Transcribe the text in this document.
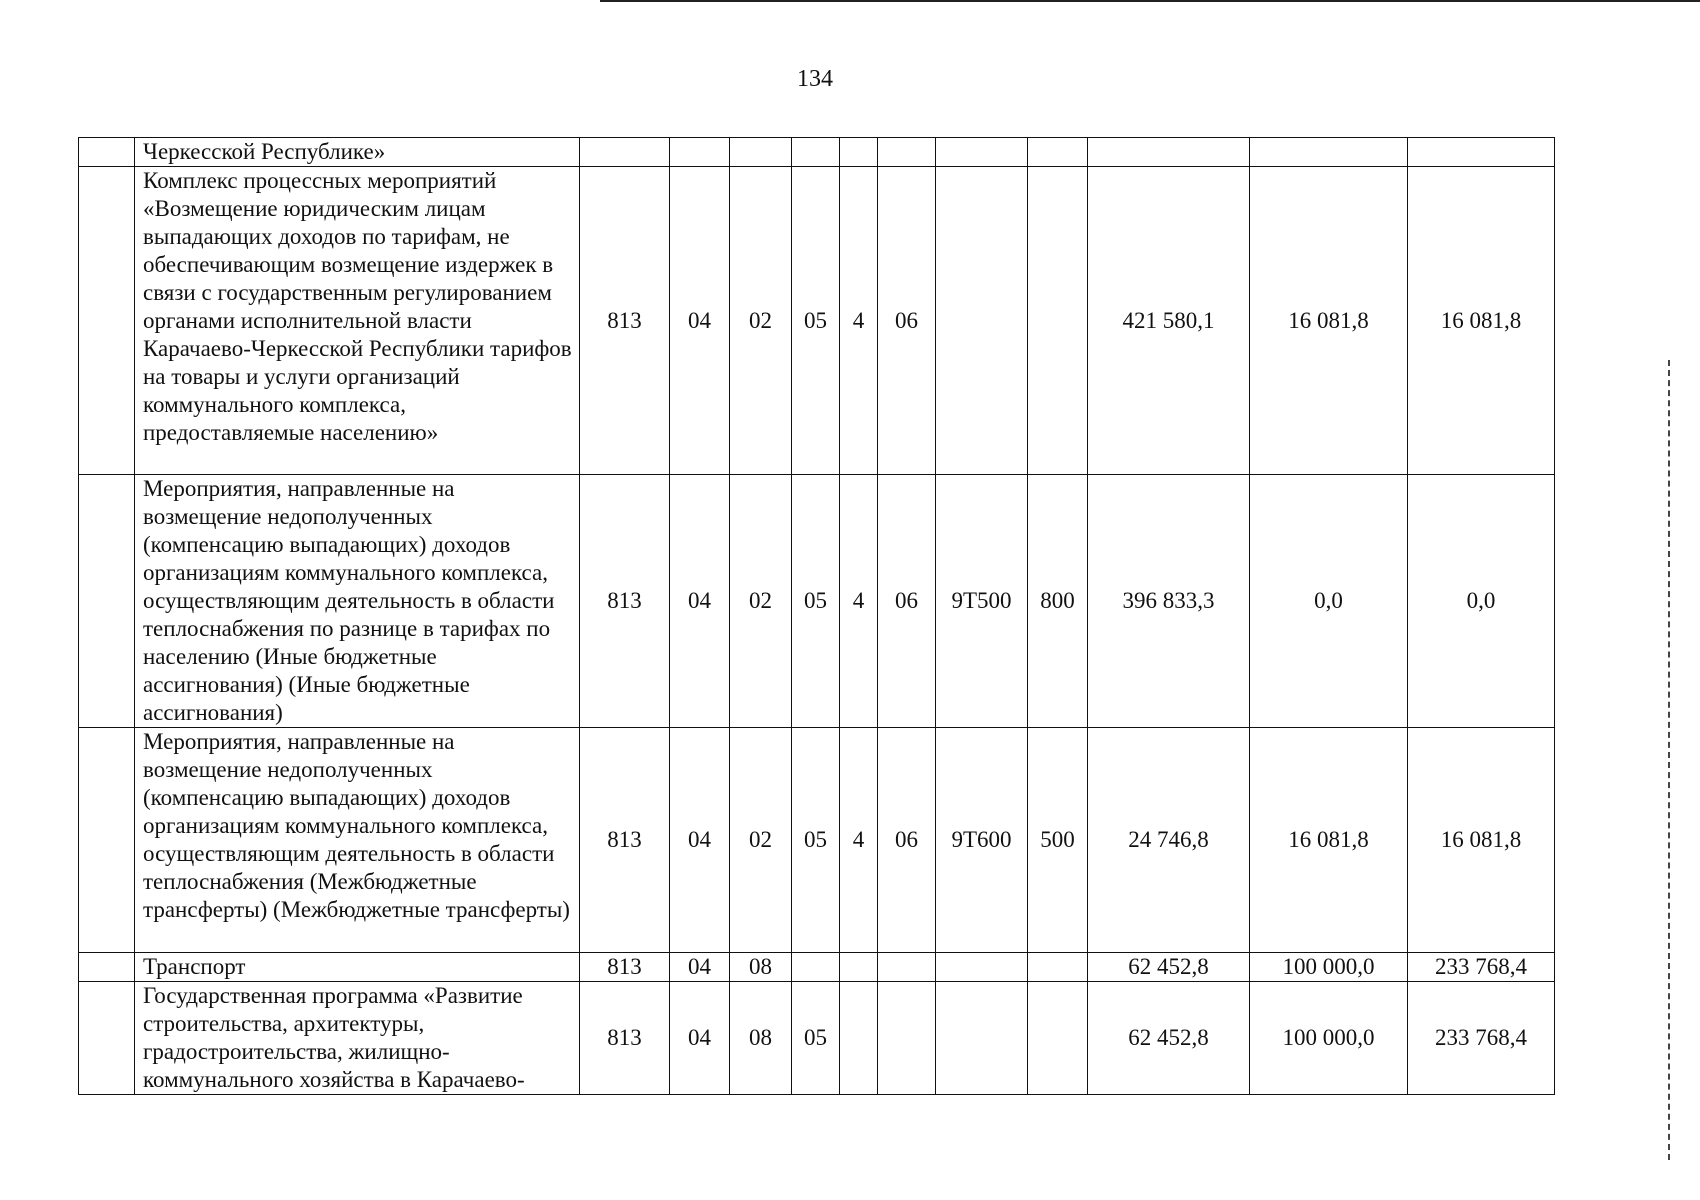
134
	Черкесской Республике»											
	Комплекс процессных мероприятий «Возмещение юридическим лицам выпадающих доходов по тарифам, не обеспечивающим возмещение издержек в связи с государственным регулированием органами исполнительной власти Карачаево-Черкесской Республики тарифов на товары и услуги организаций коммунального комплекса, предоставляемые населению»	813	04	02	05	4	06			421 580,1	16 081,8	16 081,8
	Мероприятия, направленные на возмещение недополученных (компенсацию выпадающих) доходов организациям коммунального комплекса, осуществляющим деятельность в области теплоснабжения по разнице в тарифах по населению (Иные бюджетные ассигнования) (Иные бюджетные ассигнования)	813	04	02	05	4	06	9Т500	800	396 833,3	0,0	0,0
	Мероприятия, направленные на возмещение недополученных (компенсацию выпадающих) доходов организациям коммунального комплекса, осуществляющим деятельность в области теплоснабжения (Межбюджетные трансферты) (Межбюджетные трансферты)	813	04	02	05	4	06	9Т600	500	24 746,8	16 081,8	16 081,8
	Транспорт	813	04	08						62 452,8	100 000,0	233 768,4
	Государственная программа «Развитие строительства, архитектуры, градостроительства, жилищно-коммунального хозяйства в Карачаево-	813	04	08	05					62 452,8	100 000,0	233 768,4
